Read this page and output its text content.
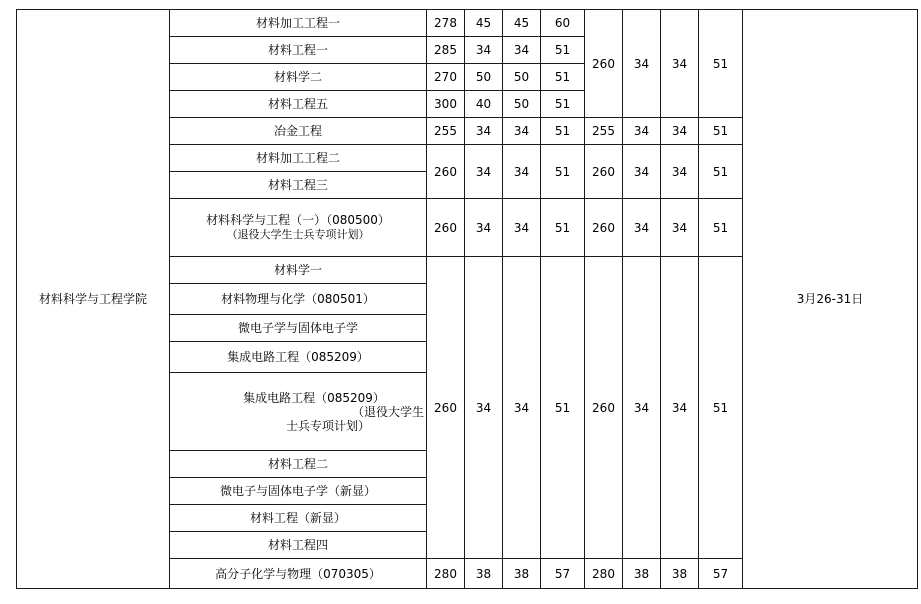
材料科学与工程学院	材料加工工程一	278	45	45	60	260	34	34	51	3月26-31日
	材料工程一	285	34	34	51					
	材料学二	270	50	50	51					
	材料工程五	300	40	50	51					
	冶金工程	255	34	34	51	255	34	34	51	
	材料加工工程二	260	34	34	51	260	34	34	51	
	材料工程三									
	材料科学与工程（一）（080500）
（退役大学生士兵专项计划）	260	34	34	51	260	34	34	51	
	材料学一	260	34	34	51	260	34	34	51	
	材料物理与化学（080501）									
	微电子学与固体电子学									
	集成电路工程（085209）									

	集成电路工程（085209）
（退役大学生
士兵专项计划）									

	材料工程二									
	微电子与固体电子学（新显）									
	材料工程（新显）									
	材料工程四									
	高分子化学与物理（070305）	280	38	38	57	280	38	38	57	
